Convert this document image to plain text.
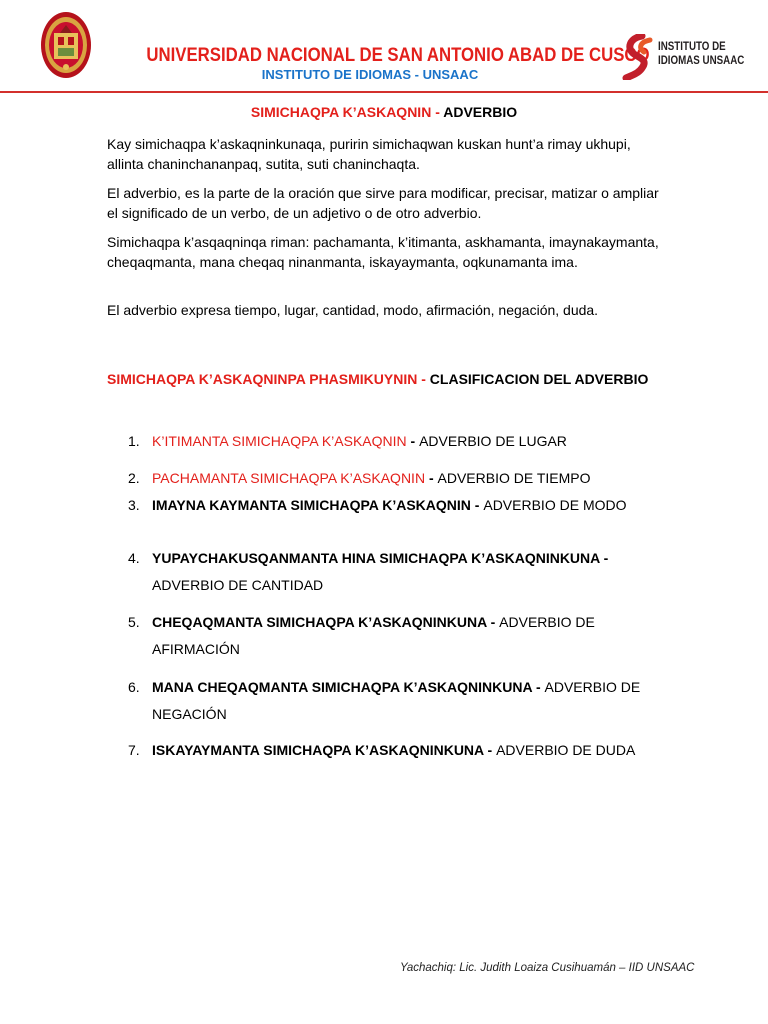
UNIVERSIDAD NACIONAL DE SAN ANTONIO ABAD DE CUSCO
INSTITUTO DE IDIOMAS - UNSAAC
INSTITUTO DE
IDIOMAS UNSAAC
SIMICHAQPA K’ASKAQNIN - ADVERBIO
Kay simichaqpa k’askaqninkunaqa, puririn simichaqwan kuskan hunt’a rimay ukhupi, allinta chaninchananpaq, sutita, suti chaninchaqta.
El adverbio, es la parte de la oración que sirve para modificar, precisar, matizar o ampliar el significado de un verbo, de un adjetivo o de otro adverbio.
Simichaqpa k’asqaqninqa riman: pachamanta, k’itimanta, askhamanta, imaynakaymanta, cheqaqmanta, mana cheqaq ninanmanta, iskayaymanta, oqkunamanta ima.
El adverbio expresa tiempo, lugar, cantidad, modo, afirmación, negación, duda.
SIMICHAQPA K’ASKAQNINPA PHASMIKUYNIN - CLASIFICACION DEL ADVERBIO
1. K’ITIMANTA SIMICHAQPA K’ASKAQNIN - ADVERBIO DE LUGAR
2. PACHAMANTA SIMICHAQPA K’ASKAQNIN - ADVERBIO DE TIEMPO
3. IMAYNA KAYMANTA SIMICHAQPA K’ASKAQNIN - ADVERBIO DE MODO
4. YUPAYCHAKUSQANMANTA HINA SIMICHAQPA K’ASKAQNINKUNA - ADVERBIO DE CANTIDAD
5. CHEQAQMANTA SIMICHAQPA K’ASKAQNINKUNA - ADVERBIO DE AFIRMACIÓN
6. MANA CHEQAQMANTA SIMICHAQPA K’ASKAQNINKUNA - ADVERBIO DE NEGACIÓN
7. ISKAYAYMANTA SIMICHAQPA K’ASKAQNINKUNA - ADVERBIO DE DUDA
Yachachiq: Lic. Judith Loaiza Cusihuamán – IID UNSAAC
